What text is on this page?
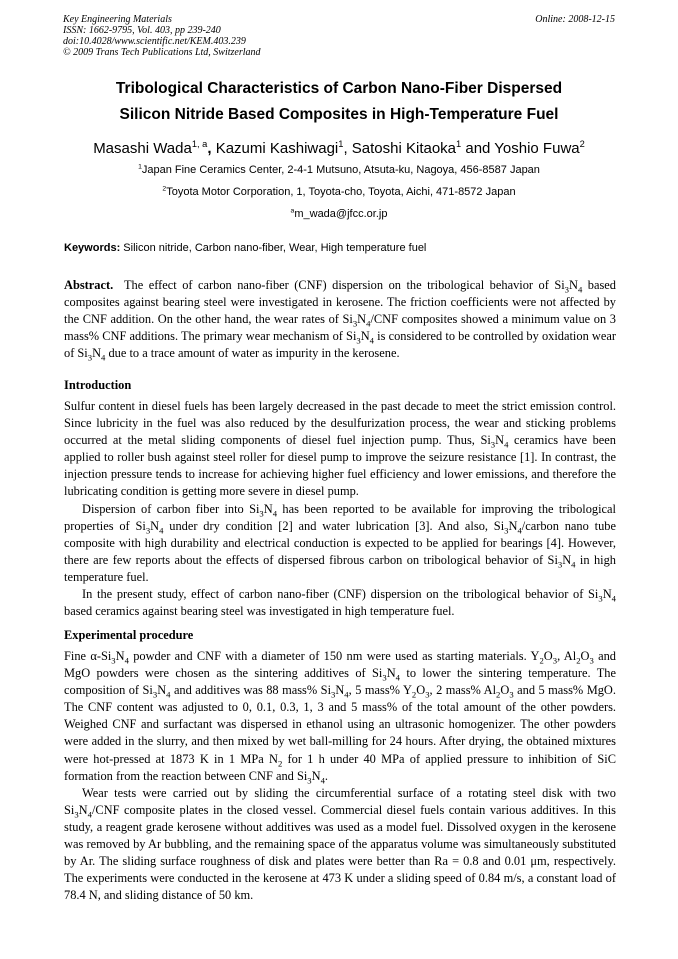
Key Engineering Materials
ISSN: 1662-9795, Vol. 403, pp 239-240
doi:10.4028/www.scientific.net/KEM.403.239
© 2009 Trans Tech Publications Ltd, Switzerland
Online: 2008-12-15
Tribological Characteristics of Carbon Nano-Fiber Dispersed
Silicon Nitride Based Composites in High-Temperature Fuel
Masashi Wada$^{1, a}$, Kazumi Kashiwagi$^1$, Satoshi Kitaoka$^1$ and Yoshio Fuwa$^2$
$^1$Japan Fine Ceramics Center, 2-4-1 Mutsuno, Atsuta-ku, Nagoya, 456-8587 Japan
$^2$Toyota Motor Corporation, 1, Toyota-cho, Toyota, Aichi, 471-8572 Japan
$^a$m_wada@jfcc.or.jp
Keywords: Silicon nitride, Carbon nano-fiber, Wear, High temperature fuel

Abstract.  The effect of carbon nano-fiber (CNF) dispersion on the tribological behavior of $Si_3N_4$ based composites against bearing steel were investigated in kerosene. The friction coefficients were not affected by the CNF addition. On the other hand, the wear rates of $Si_3N_4$/CNF composites showed a minimum value on 3 mass% CNF additions. The primary wear mechanism of $Si_3N_4$ is considered to be controlled by oxidation wear of $Si_3N_4$ due to a trace amount of water as impurity in the kerosene.

Introduction

Sulfur content in diesel fuels has been largely decreased in the past decade to meet the strict emission control. Since lubricity in the fuel was also reduced by the desulfurization process, the wear and sticking problems occurred at the metal sliding components of diesel fuel injection pump. Thus, $Si_3N_4$ ceramics have been applied to roller bush against steel roller for diesel pump to improve the seizure resistance [1]. In contrast, the injection pressure tends to increase for achieving higher fuel efficiency and lower emissions, and therefore the lubricating condition is getting more severe in diesel pump.

Dispersion of carbon fiber into $Si_3N_4$ has been reported to be available for improving the tribological properties of $Si_3N_4$ under dry condition [2] and water lubrication [3]. And also, $Si_3N_4$/carbon nano tube composite with high durability and electrical conduction is expected to be applied for bearings [4]. However, there are few reports about the effects of dispersed fibrous carbon on tribological behavior of $Si_3N_4$ in high temperature fuel.

In the present study, effect of carbon nano-fiber (CNF) dispersion on the tribological behavior of $Si_3N_4$ based ceramics against bearing steel was investigated in high temperature fuel.

Experimental procedure

Fine $\alpha-Si_3N_4$ powder and CNF with a diameter of 150 nm were used as starting materials. $Y_2O_3$, $Al_2O_3$ and MgO powders were chosen as the sintering additives of $Si_3N_4$ to lower the sintering temperature. The composition of $Si_3N_4$ and additives was 88 mass% $Si_3N_4$, 5 mass% $Y_2O_3$, 2 mass% $Al_2O_3$ and 5 mass% MgO. The CNF content was adjusted to 0, 0.1, 0.3, 1, 3 and 5 mass% of the total amount of the other powders. Weighed CNF and surfactant was dispersed in ethanol using an ultrasonic homogenizer. The other powders were added in the slurry, and then mixed by wet ball-milling for 24 hours. After drying, the obtained mixtures were hot-pressed at 1873 K in 1 MPa $N_2$ for 1 h under 40 MPa of applied pressure to inhibition of SiC formation from the reaction between CNF and $Si_3N_4$.

Wear tests were carried out by sliding the circumferential surface of a rotating steel disk with two $Si_3N_4$/CNF composite plates in the closed vessel. Commercial diesel fuels contain various additives. In this study, a reagent grade kerosene without additives was used as a model fuel. Dissolved oxygen in the kerosene was removed by Ar bubbling, and the remaining space of the apparatus volume was simultaneously substituted by Ar. The sliding surface roughness of disk and plates were better than Ra = 0.8 and 0.01 μm, respectively. The experiments were conducted in the kerosene at 473 K under a sliding speed of 0.84 m/s, a constant load of 78.4 N, and sliding distance of 50 km.
